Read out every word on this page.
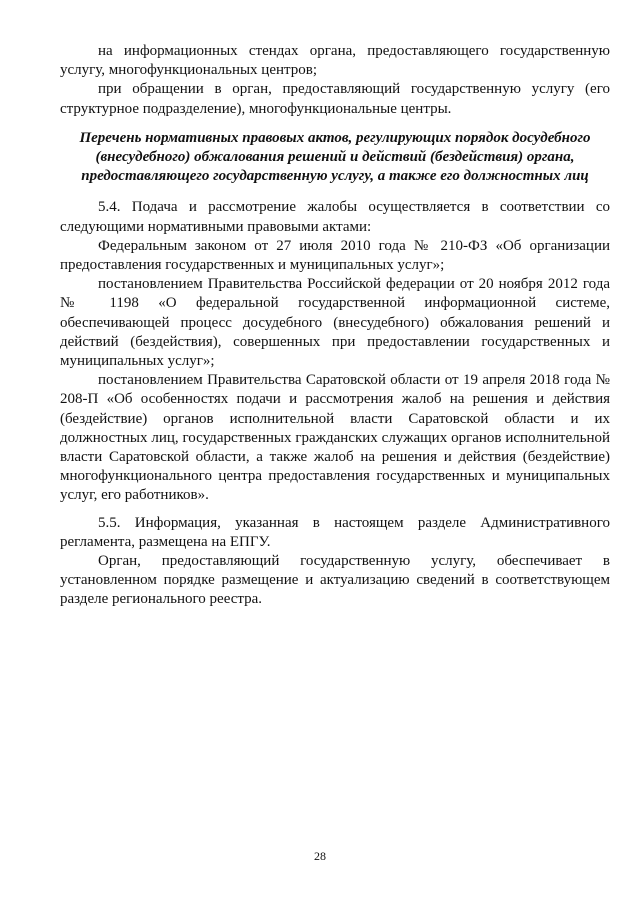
на информационных стендах органа, предоставляющего государственную услугу, многофункциональных центров;

при обращении в орган, предоставляющий государственную услугу (его структурное подразделение), многофункциональные центры.

Перечень нормативных правовых актов, регулирующих порядок досудебного
(внесудебного) обжалования решений и действий (бездействия) органа,
предоставляющего государственную услугу, а также его должностных лиц

5.4. Подача и рассмотрение жалобы осуществляется в соответствии со следующими нормативными правовыми актами:

Федеральным законом от 27 июля 2010 года № 210-ФЗ «Об организации предоставления государственных и муниципальных услуг»;

постановлением Правительства Российской федерации от 20 ноября 2012 года № 1198 «О федеральной государственной информационной системе, обеспечивающей процесс досудебного (внесудебного) обжалования решений и действий (бездействия), совершенных при предоставлении государственных и муниципальных услуг»;

постановлением Правительства Саратовской области от 19 апреля 2018 года № 208-П «Об особенностях подачи и рассмотрения жалоб на решения и действия (бездействие) органов исполнительной власти Саратовской области и их должностных лиц, государственных гражданских служащих органов исполнительной власти Саратовской области, а также жалоб на решения и действия (бездействие) многофункционального центра предоставления государственных и муниципальных услуг, его работников».

5.5. Информация, указанная в настоящем разделе Административного регламента, размещена на ЕПГУ.

Орган, предоставляющий государственную услугу, обеспечивает в установленном порядке размещение и актуализацию сведений в соответствующем разделе регионального реестра.

28
